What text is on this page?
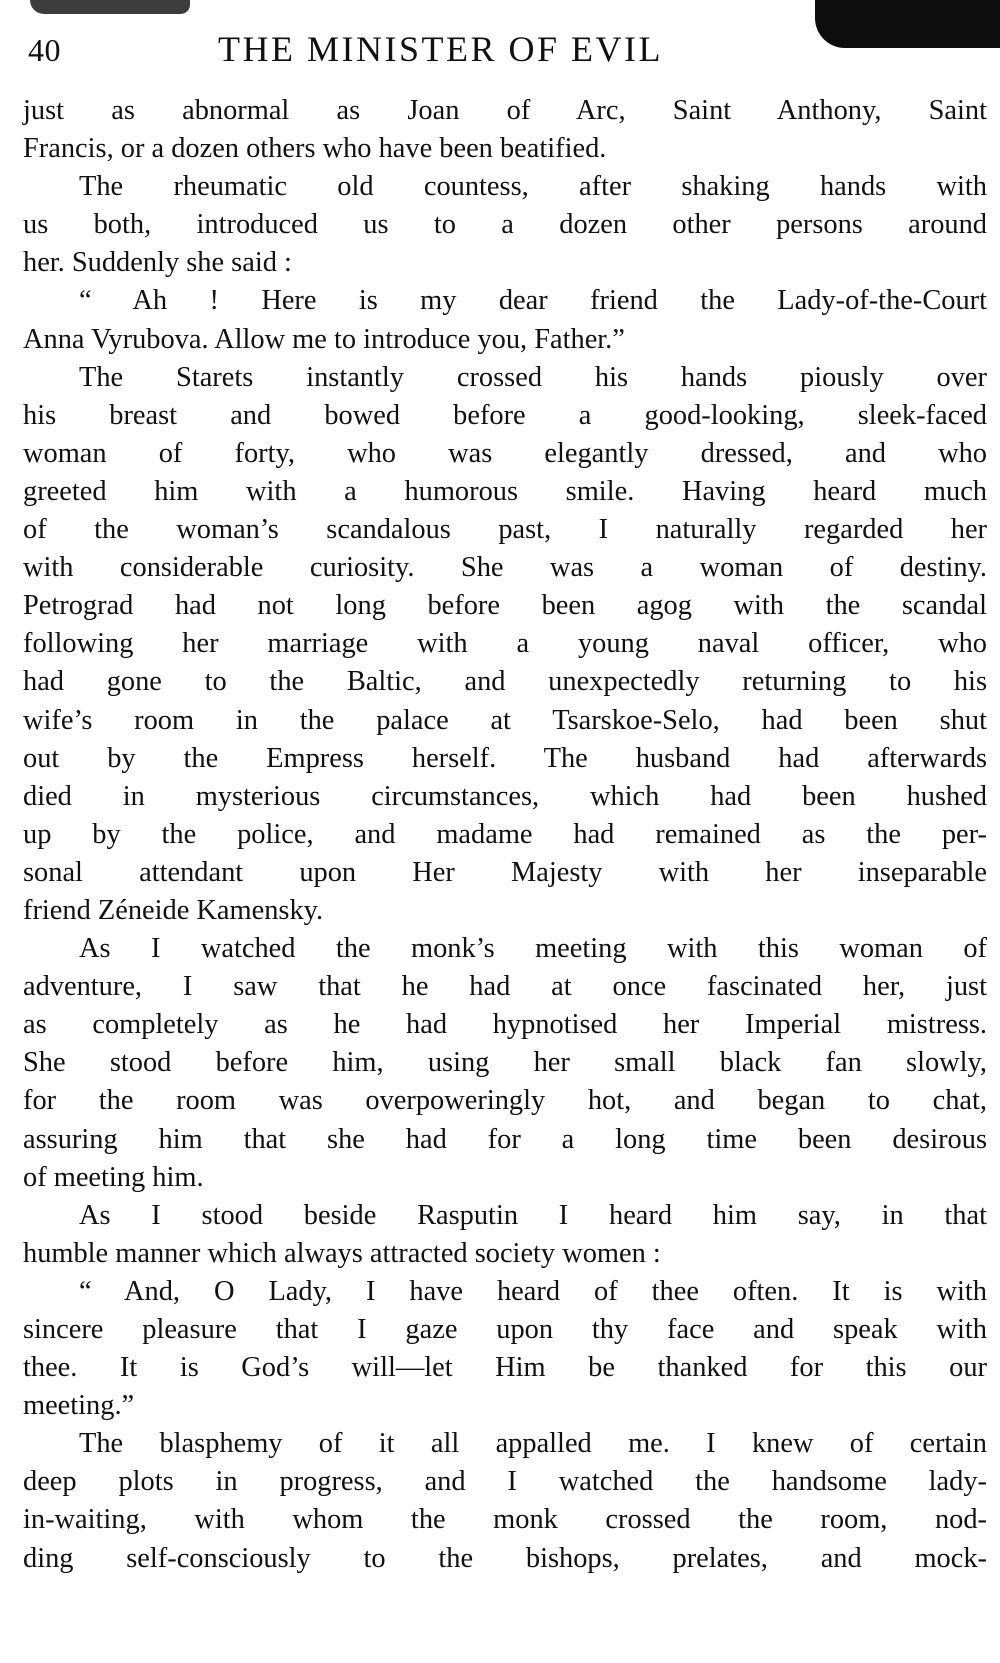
40	THE MINISTER OF EVIL
just as abnormal as Joan of Arc, Saint Anthony, Saint
Francis, or a dozen others who have been beatified.
The rheumatic old countess, after shaking hands with
us both, introduced us to a dozen other persons around
her. Suddenly she said :
“ Ah ! Here is my dear friend the Lady-of-the-Court
Anna Vyrubova. Allow me to introduce you, Father.”
The Starets instantly crossed his hands piously over
his breast and bowed before a good-looking, sleek-faced
woman of forty, who was elegantly dressed, and who
greeted him with a humorous smile. Having heard much
of the woman’s scandalous past, I naturally regarded her
with considerable curiosity. She was a woman of destiny.
Petrograd had not long before been agog with the scandal
following her marriage with a young naval officer, who
had gone to the Baltic, and unexpectedly returning to his
wife’s room in the palace at Tsarskoe-Selo, had been shut
out by the Empress herself. The husband had afterwards
died in mysterious circumstances, which had been hushed
up by the police, and madame had remained as the per-
sonal attendant upon Her Majesty with her inseparable
friend Zéneide Kamensky.
As I watched the monk’s meeting with this woman of
adventure, I saw that he had at once fascinated her, just
as completely as he had hypnotised her Imperial mistress.
She stood before him, using her small black fan slowly,
for the room was overpoweringly hot, and began to chat,
assuring him that she had for a long time been desirous
of meeting him.
As I stood beside Rasputin I heard him say, in that
humble manner which always attracted society women :
“ And, O Lady, I have heard of thee often. It is with
sincere pleasure that I gaze upon thy face and speak with
thee. It is God’s will—let Him be thanked for this our
meeting.”
The blasphemy of it all appalled me. I knew of certain
deep plots in progress, and I watched the handsome lady-
in-waiting, with whom the monk crossed the room, nod-
ding self-consciously to the bishops, prelates, and mock-
